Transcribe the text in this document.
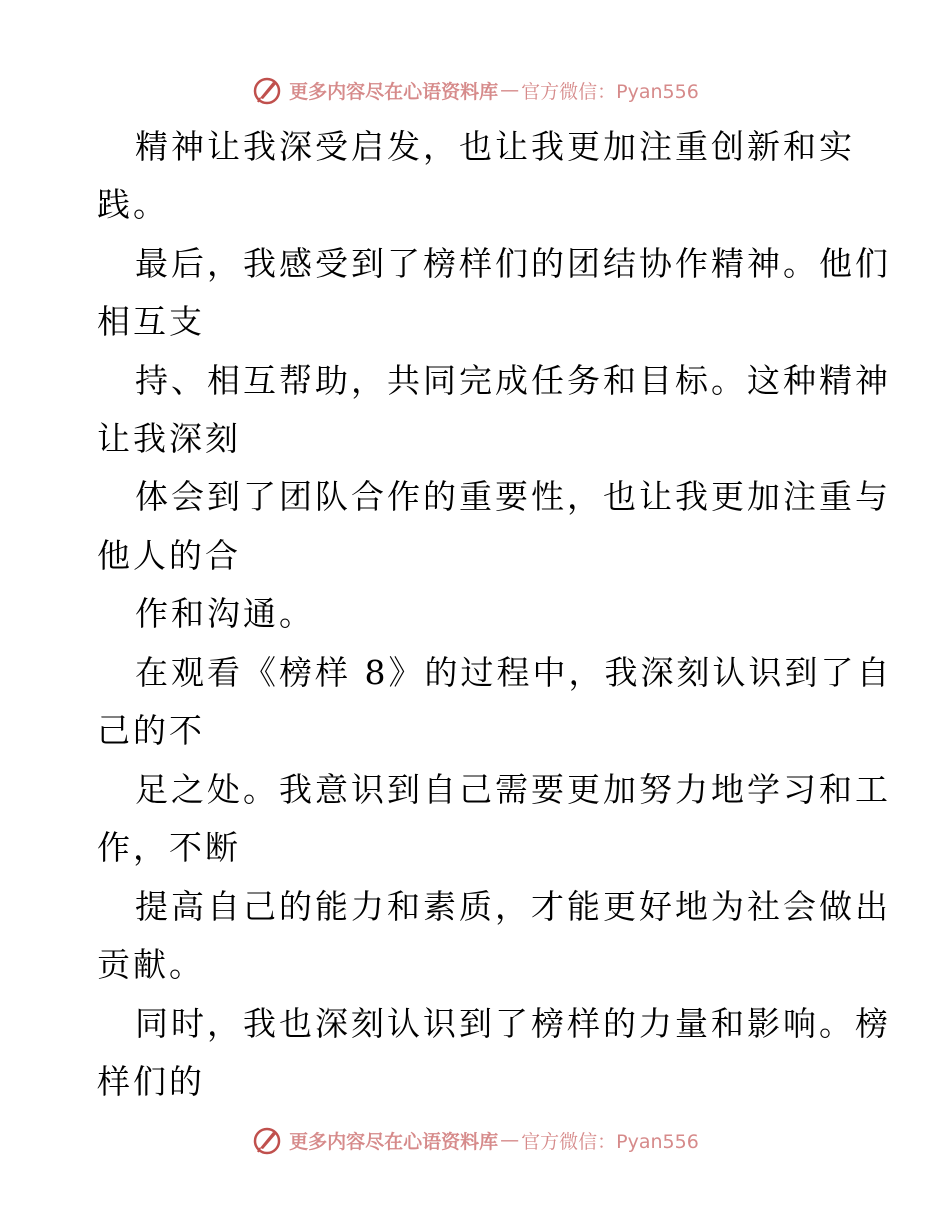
更多内容尽在心语资料库 — 官方微信：Pyan556
精神让我深受启发，也让我更加注重创新和实
践。
最后，我感受到了榜样们的团结协作精神。他们
相互支
持、相互帮助，共同完成任务和目标。这种精神
让我深刻
体会到了团队合作的重要性，也让我更加注重与
他人的合
作和沟通。
在观看《榜样 8》的过程中，我深刻认识到了自
己的不
足之处。我意识到自己需要更加努力地学习和工
作，不断
提高自己的能力和素质，才能更好地为社会做出
贡献。
同时，我也深刻认识到了榜样的力量和影响。榜
样们的
更多内容尽在心语资料库 — 官方微信：Pyan556
